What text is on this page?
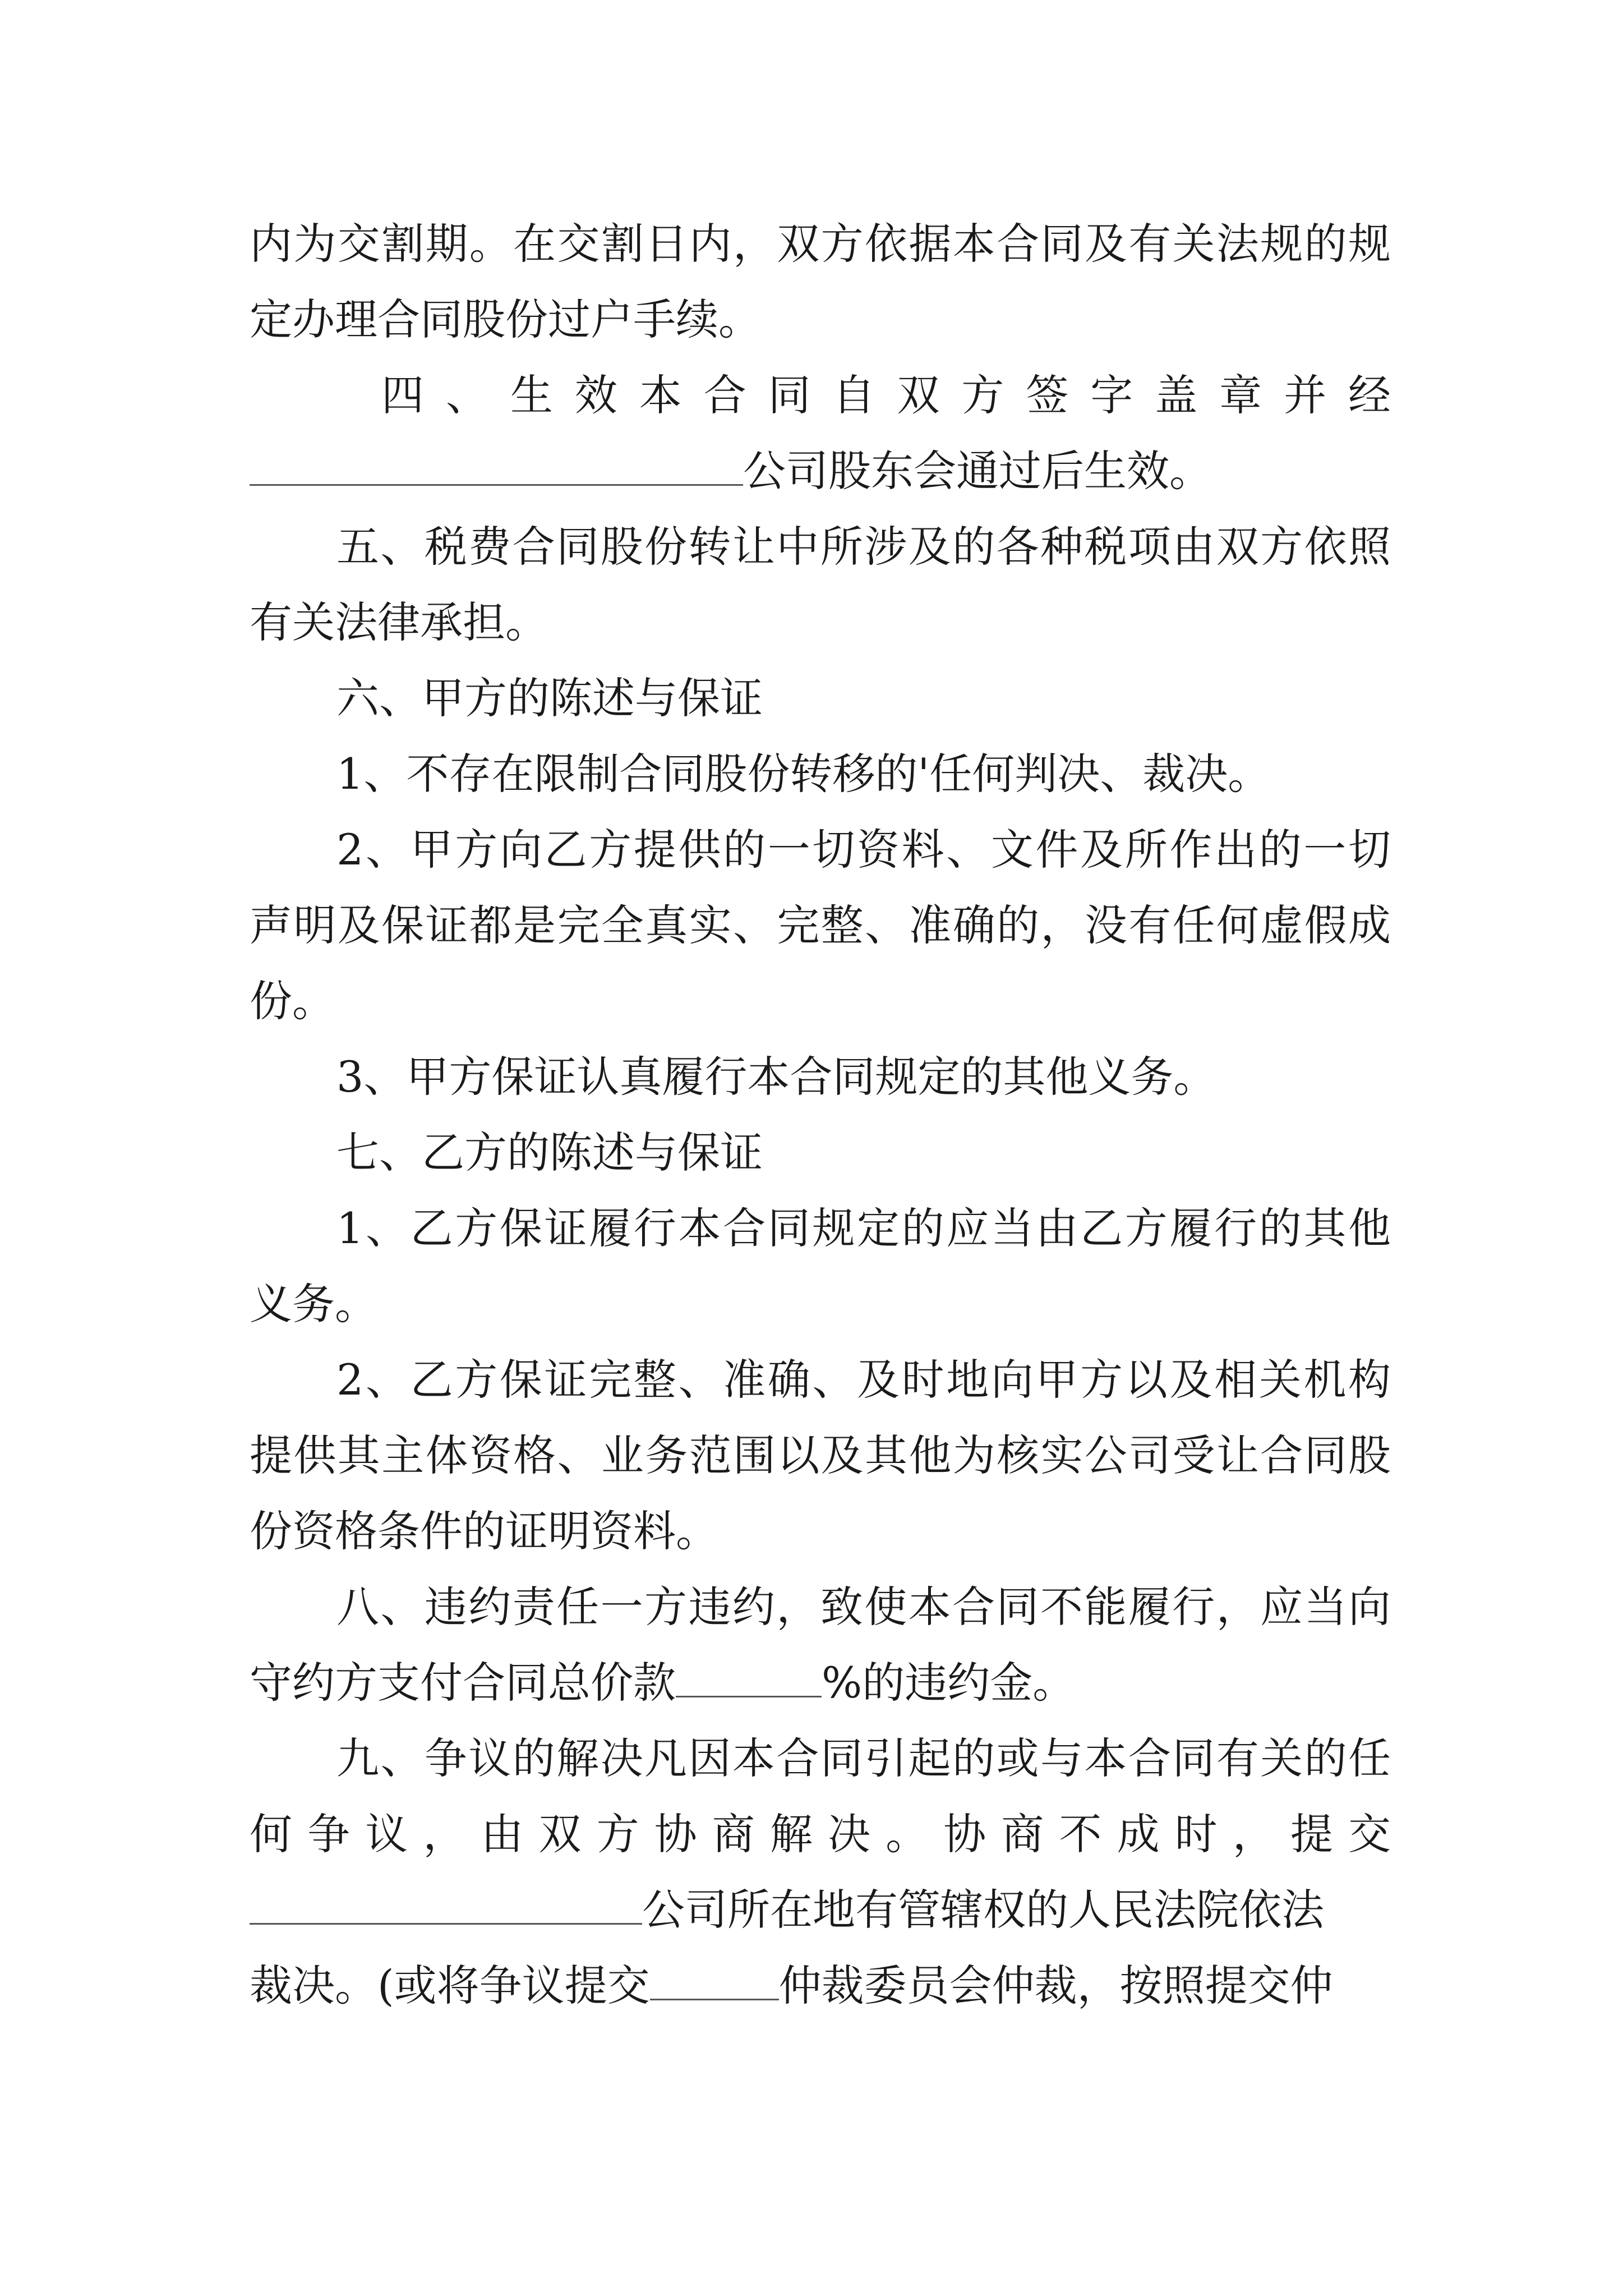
内为交割期。在交割日内，双方依据本合同及有关法规的规
定办理合同股份过户手续。
四 、 生 效 本 合 同 自 双 方 签 字 盖 章 并 经
公司股东会通过后生效。
五、税费合同股份转让中所涉及的各种税项由双方依照
有关法律承担。
六、甲方的陈述与保证
1、不存在限制合同股份转移的'任何判决、裁决。
2、甲方向乙方提供的一切资料、文件及所作出的一切
声明及保证都是完全真实、完整、准确的，没有任何虚假成
份。
3、甲方保证认真履行本合同规定的其他义务。
七、乙方的陈述与保证
1、乙方保证履行本合同规定的应当由乙方履行的其他
义务。
2、乙方保证完整、准确、及时地向甲方以及相关机构
提供其主体资格、业务范围以及其他为核实公司受让合同股
份资格条件的证明资料。
八、违约责任一方违约，致使本合同不能履行，应当向
守约方支付合同总价款	%的违约金。
九、争议的解决凡因本合同引起的或与本合同有关的任
何 争 议 ， 由 双 方 协 商 解 决 。 协 商 不 成 时 ， 提 交
公司所在地有管辖权的人民法院依法
裁决。(或将争议提交	仲裁委员会仲裁，按照提交仲
